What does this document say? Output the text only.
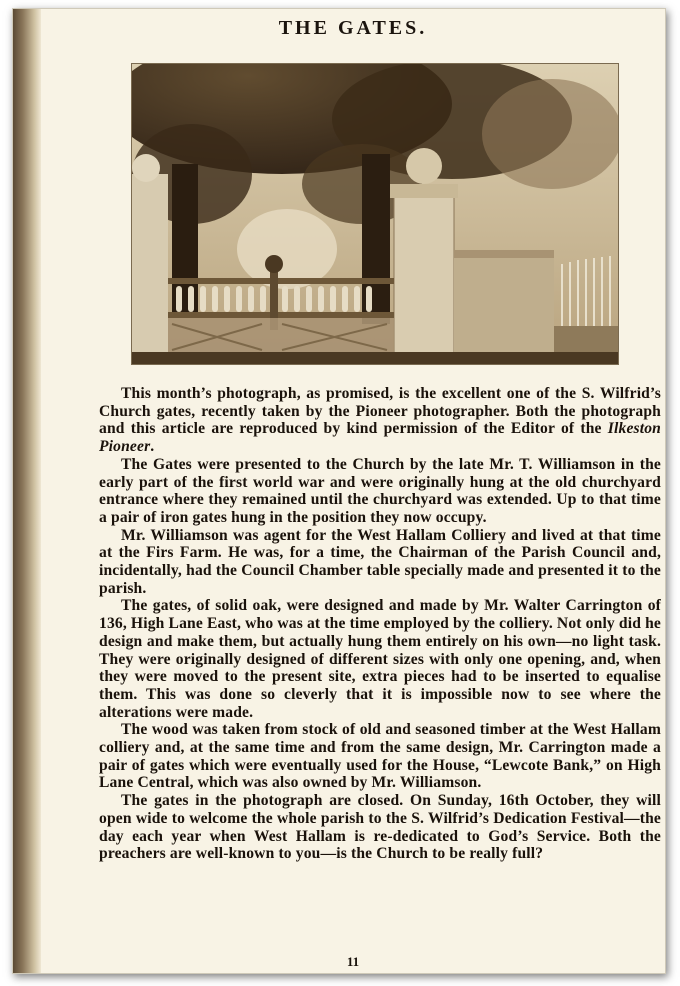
THE GATES.

This month’s photograph, as promised, is the excellent one of the S. Wilfrid’s Church gates, recently taken by the Pioneer photographer. Both the photograph and this article are reproduced by kind permission of the Editor of the Ilkeston Pioneer.

The Gates were presented to the Church by the late Mr. T. Williamson in the early part of the first world war and were originally hung at the old churchyard entrance where they remained until the churchyard was extended. Up to that time a pair of iron gates hung in the position they now occupy.

Mr. Williamson was agent for the West Hallam Colliery and lived at that time at the Firs Farm. He was, for a time, the Chairman of the Parish Council and, incidentally, had the Council Chamber table specially made and presented it to the parish.

The gates, of solid oak, were designed and made by Mr. Walter Carrington of 136, High Lane East, who was at the time employed by the colliery. Not only did he design and make them, but actually hung them entirely on his own—no light task. They were originally designed of different sizes with only one opening, and, when they were moved to the present site, extra pieces had to be inserted to equalise them. This was done so cleverly that it is impossible now to see where the alterations were made.

The wood was taken from stock of old and seasoned timber at the West Hallam colliery and, at the same time and from the same design, Mr. Carrington made a pair of gates which were eventually used for the House, “Lewcote Bank,” on High Lane Central, which was also owned by Mr. Williamson.

The gates in the photograph are closed. On Sunday, 16th October, they will open wide to welcome the whole parish to the S. Wilfrid’s Dedication Festival—the day each year when West Hallam is re-dedicated to God’s Service. Both the preachers are well-known to you—is the Church to be really full?

11
